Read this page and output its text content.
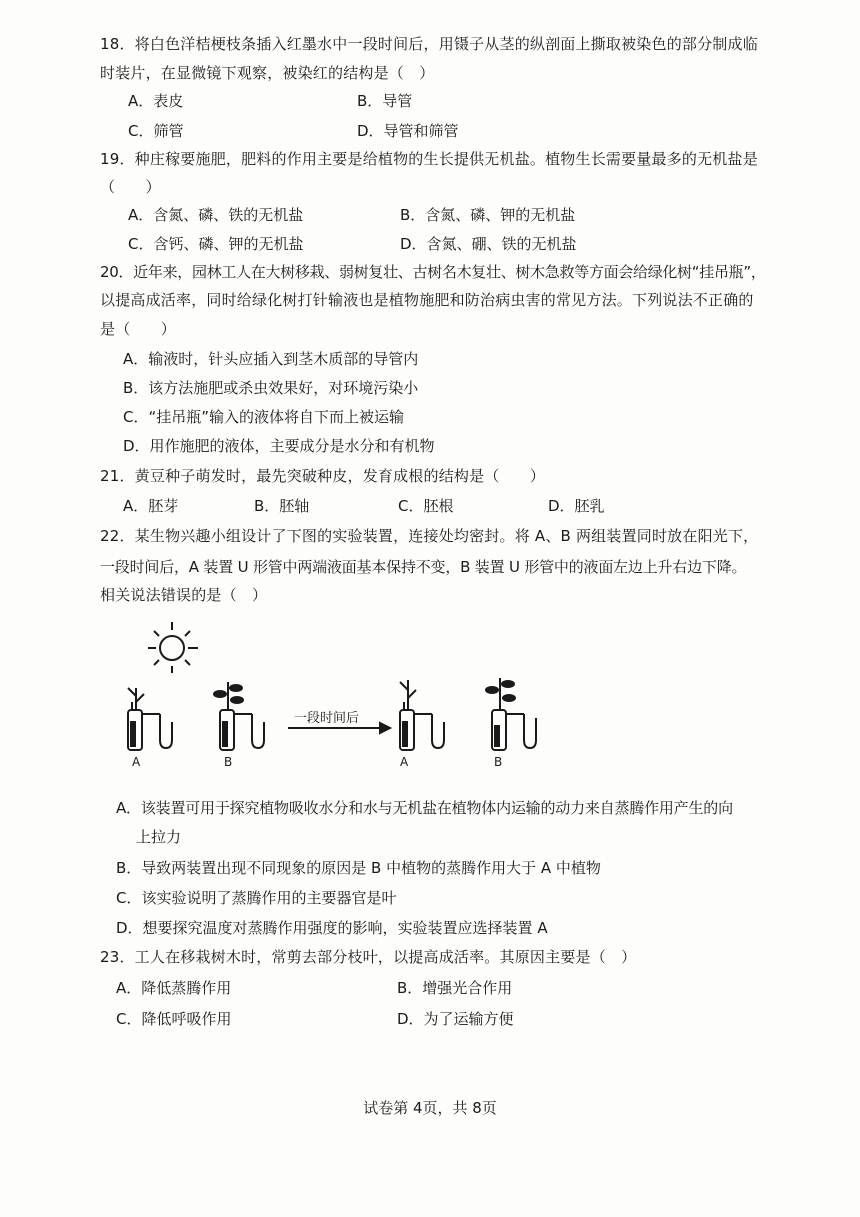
18．将白色洋桔梗枝条插入红墨水中一段时间后，用镊子从茎的纵剖面上撕取被染色的部分制成临
时装片，在显微镜下观察，被染红的结构是（　）
A．表皮	B．导管
C．筛管	D．导管和筛管
19．种庄稼要施肥，肥料的作用主要是给植物的生长提供无机盐。植物生长需要量最多的无机盐是
（　　）
A．含氮、磷、铁的无机盐	B．含氮、磷、钾的无机盐
C．含钙、磷、钾的无机盐	D．含氮、硼、铁的无机盐
20．近年来，园林工人在大树移栽、弱树复壮、古树名木复壮、树木急救等方面会给绿化树“挂吊瓶”，
以提高成活率，同时给绿化树打针输液也是植物施肥和防治病虫害的常见方法。下列说法不正确的
是（　　）
A．输液时，针头应插入到茎木质部的导管内
B．该方法施肥或杀虫效果好，对环境污染小
C．“挂吊瓶”输入的液体将自下而上被运输
D．用作施肥的液体，主要成分是水分和有机物
21．黄豆种子萌发时，最先突破种皮，发育成根的结构是（　　）
A．胚芽	B．胚轴	C．胚根	D．胚乳
22．某生物兴趣小组设计了下图的实验装置，连接处均密封。将 A、B 两组装置同时放在阳光下，
一段时间后，A 装置 U 形管中两端液面基本保持不变，B 装置 U 形管中的液面左边上升右边下降。
相关说法错误的是（　）
一段时间后
A	B	A	B
A．该装置可用于探究植物吸收水分和水与无机盐在植物体内运输的动力来自蒸腾作用产生的向
上拉力
B．导致两装置出现不同现象的原因是 B 中植物的蒸腾作用大于 A 中植物
C．该实验说明了蒸腾作用的主要器官是叶
D．想要探究温度对蒸腾作用强度的影响，实验装置应选择装置 A
23．工人在移栽树木时，常剪去部分枝叶，以提高成活率。其原因主要是（　）
A．降低蒸腾作用	B．增强光合作用
C．降低呼吸作用	D．为了运输方便
试卷第 4页，共 8页
